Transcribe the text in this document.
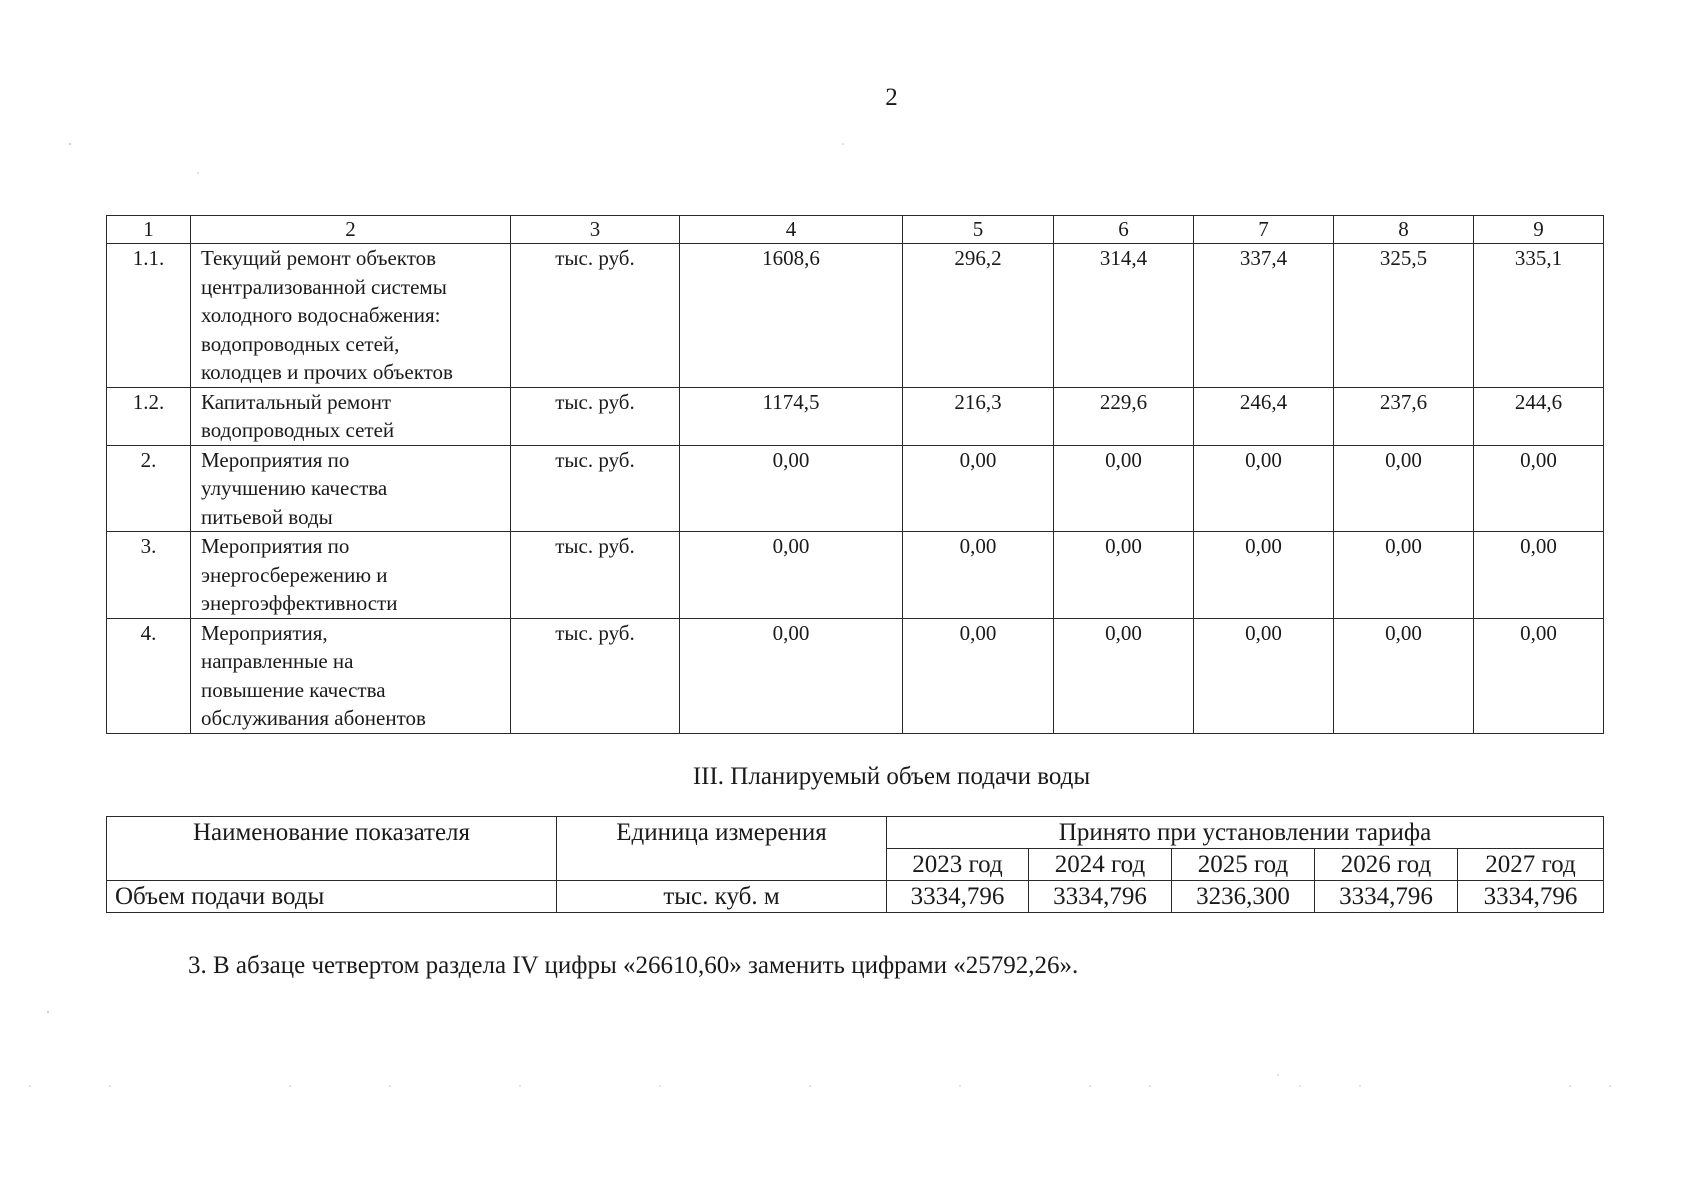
2
1	2	3	4	5	6	7	8	9
1.1.	Текущий ремонт объектов
централизованной системы
холодного водоснабжения:
водопроводных сетей,
колодцев и прочих объектов	тыс. руб.	1608,6	296,2	314,4	337,4	325,5	335,1
1.2.	Капитальный ремонт
водопроводных сетей	тыс. руб.	1174,5	216,3	229,6	246,4	237,6	244,6
2.	Мероприятия по
улучшению качества
питьевой воды	тыс. руб.	0,00	0,00	0,00	0,00	0,00	0,00
3.	Мероприятия по
энергосбережению и
энергоэффективности	тыс. руб.	0,00	0,00	0,00	0,00	0,00	0,00
4.	Мероприятия,
направленные на
повышение качества
обслуживания абонентов	тыс. руб.	0,00	0,00	0,00	0,00	0,00	0,00
III. Планируемый объем подачи воды
Наименование показателя	Единица измерения	Принято при установлении тарифа				
		2023 год	2024 год	2025 год	2026 год	2027 год
Объем подачи воды	тыс. куб. м	3334,796	3334,796	3236,300	3334,796	3334,796
3. В абзаце четвертом раздела IV цифры «26610,60» заменить цифрами «25792,26».
